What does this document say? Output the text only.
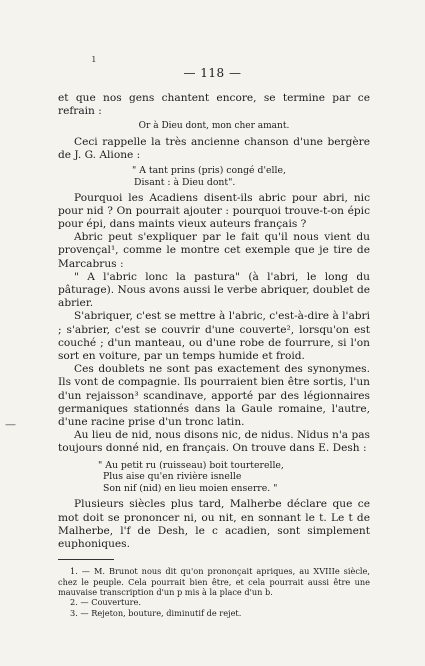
ı
—
— 118 —

et que nos gens chantent encore, se termine par ce refrain :

Or à Dieu dont, mon cher amant.

Ceci rappelle la très ancienne chanson d'une bergère de J. G. Alione :

" A tant prins (pris) congé d'elle,
Disant : à Dieu dont".

Pourquoi les Acadiens disent-ils abric pour abri, nic pour nid ? On pourrait ajouter : pourquoi trouve-t-on épic pour épi, dans maints vieux auteurs français ?

Abric peut s'expliquer par le fait qu'il nous vient du provençal¹, comme le montre cet exemple que je tire de Marcabrus :

" A l'abric lonc la pastura" (à l'abri, le long du pâturage). Nous avons aussi le verbe abriquer, doublet de abrier.

S'abriquer, c'est se mettre à l'abric, c'est-à-dire à l'abri ; s'abrier, c'est se couvrir d'une couverte², lorsqu'on est couché ; d'un manteau, ou d'une robe de fourrure, si l'on sort en voiture, par un temps humide et froid.

Ces doublets ne sont pas exactement des synonymes. Ils vont de compagnie. Ils pourraient bien être sortis, l'un d'un rejaisson³ scandinave, apporté par des légionnaires germaniques stationnés dans la Gaule romaine, l'autre, d'une racine prise d'un tronc latin.

Au lieu de nid, nous disons nic, de nidus. Nidus n'a pas toujours donné nid, en français. On trouve dans E. Desh :

" Au petit ru (ruisseau) boit tourterelle,
Plus aise qu'en rivière isnelle
Son nif (nid) en lieu moien enserre. "

Plusieurs siècles plus tard, Malherbe déclare que ce mot doit se prononcer ni, ou nit, en sonnant le t. Le t de Malherbe, l'f de Desh, le c acadien, sont simplement euphoniques.

1. — M. Brunot nous dit qu'on prononçait apriques, au XVIIIe siècle, chez le peuple. Cela pourrait bien être, et cela pourrait aussi être une mauvaise transcription d'un p mis à la place d'un b.

2. — Couverture.

3. — Rejeton, bouture, diminutif de rejet.
